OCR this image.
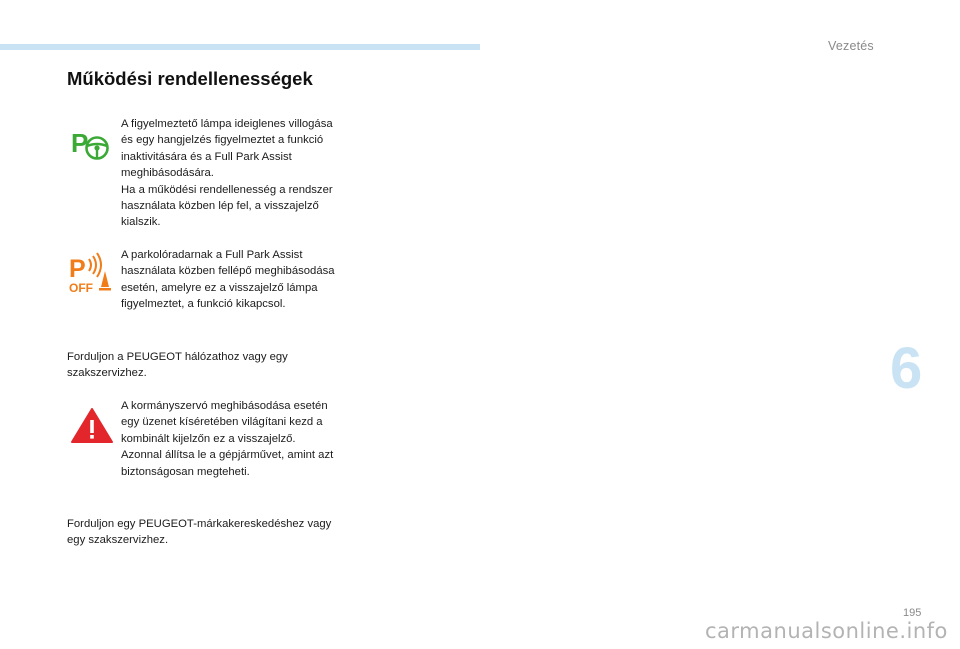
Vezetés
6
Működési rendellenességek
P

A figyelmeztető lámpa ideiglenes villogása és egy hangjelzés figyelmeztet a funkció inaktivitására és a Full Park Assist meghibásodására.

Ha a működési rendellenesség a rendszer használata közben lép fel, a visszajelző kialszik.

P
OFF

A parkolóradarnak a Full Park Assist használata közben fellépő meghibásodása esetén, amelyre ez a visszajelző lámpa figyelmeztet, a funkció kikapcsol.

Forduljon a PEUGEOT hálózathoz vagy egy szakszervizhez.

A kormányszervó meghibásodása esetén egy üzenet kíséretében világítani kezd a kombinált kijelzőn ez a visszajelző.

Azonnal állítsa le a gépjárművet, amint azt biztonságosan megteheti.

Forduljon egy PEUGEOT-márkakereskedéshez vagy egy szakszervizhez.

195
carmanualsonline.info
